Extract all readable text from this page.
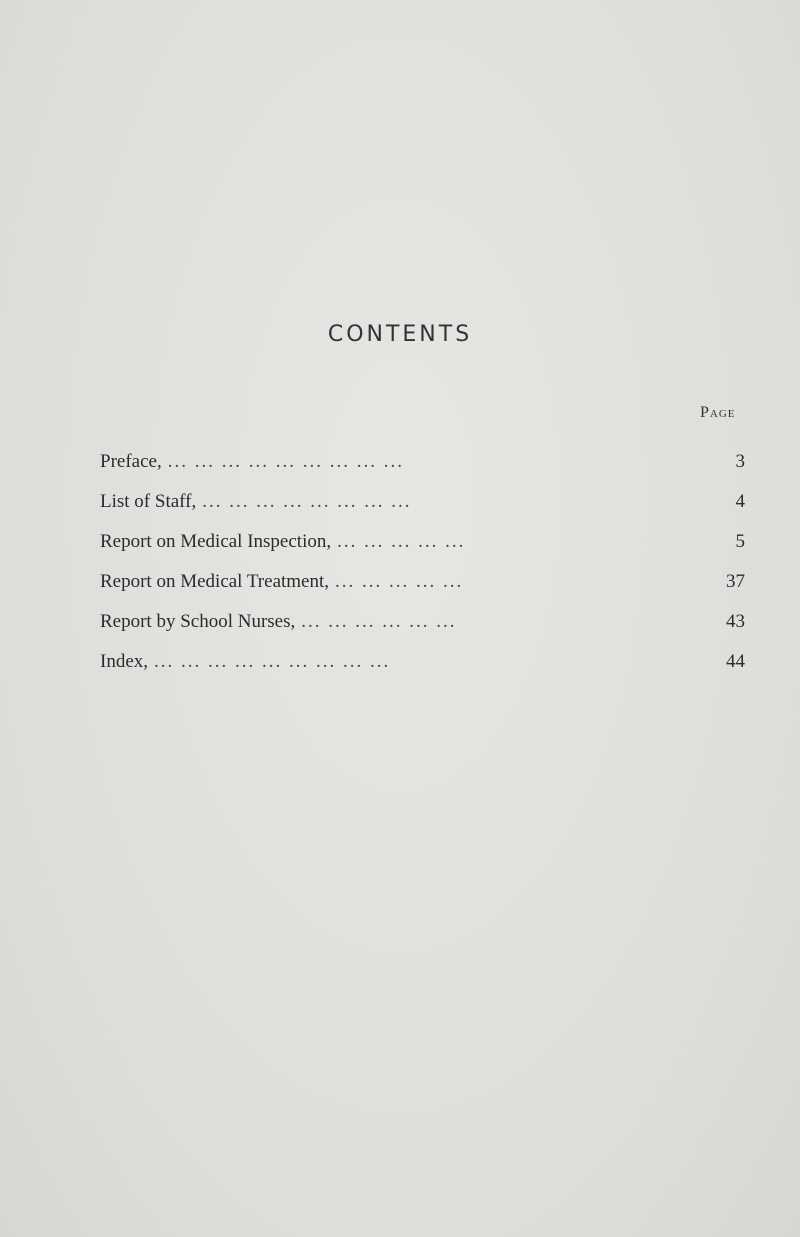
CONTENTS
Page
Preface, ... ... ... ... ... ... ... ... ...	3
List of Staff, ... ... ... ... ... ... ... ...	4
Report on Medical Inspection, ... ... ... ... ...	5
Report on Medical Treatment, ... ... ... ... ...	37
Report by School Nurses, ... ... ... ... ... ...	43
Index, ... ... ... ... ... ... ... ... ...	44
